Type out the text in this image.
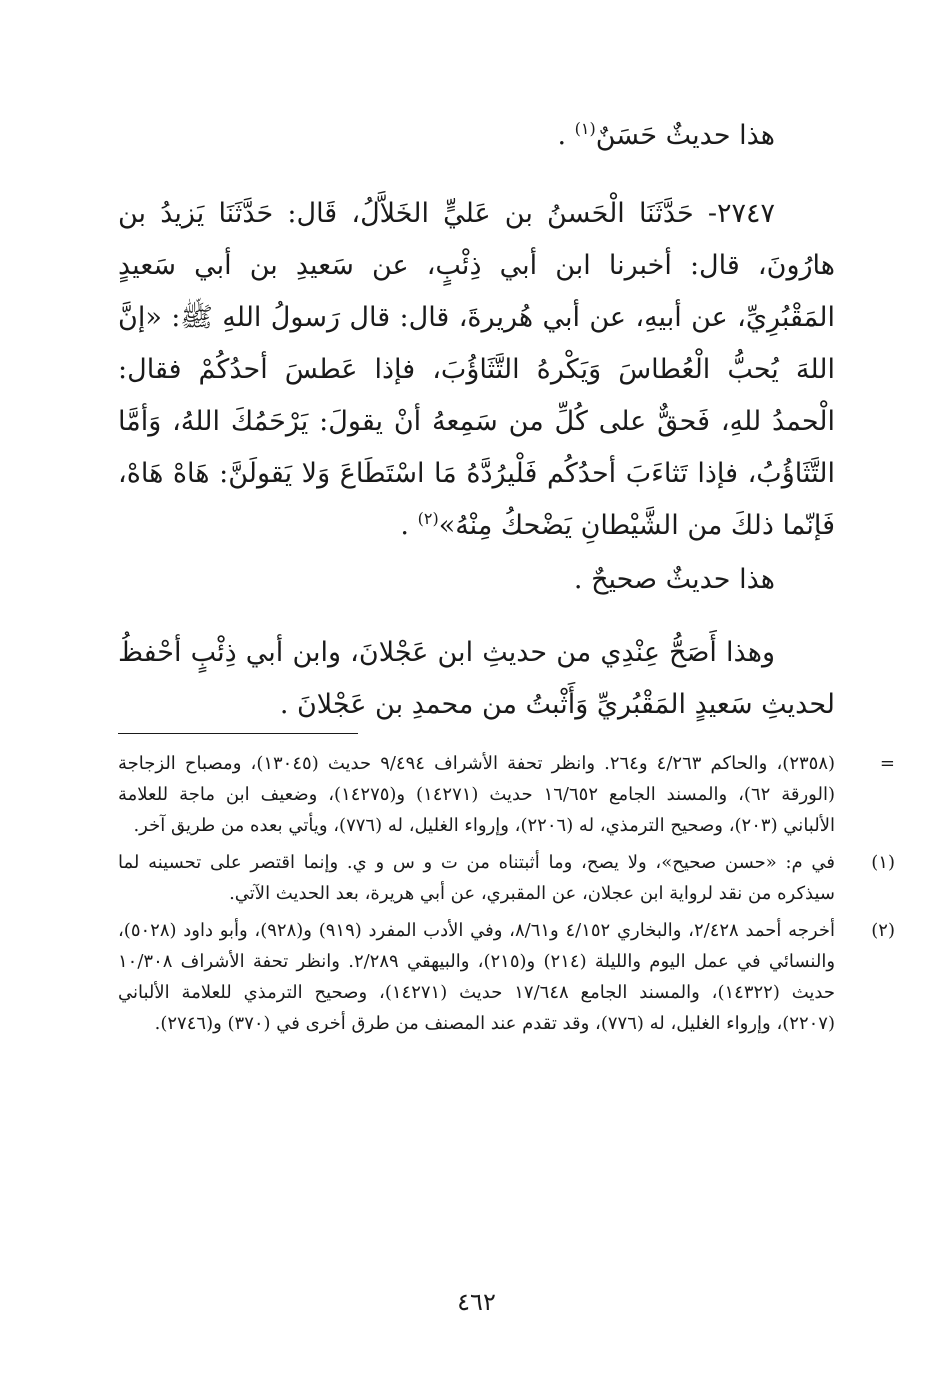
هذا حديثٌ حَسَنٌ$^{(١)}$ .

٢٧٤٧- حَدَّثَنَا الْحَسنُ بن عَليٍّ الخَلاَّلُ، قَال: حَدَّثَنَا يَزيدُ بن هارُونَ، قال: أخبرنا ابن أبي ذِئْبٍ، عن سَعيدِ بن أبي سَعيدٍ المَقْبُرِيِّ، عن أبيهِ، عن أبي هُريرةَ، قال: قال رَسولُ اللهِ ﷺ: «إنَّ اللهَ يُحبُّ الْعُطاسَ وَيَكْرهُ التَّثَاؤُبَ، فإذا عَطسَ أحدُكُمْ فقال: الْحمدُ للهِ، فَحقٌّ على كُلِّ من سَمِعهُ أنْ يقولَ: يَرْحَمُكَ اللهُ، وَأمَّا التَّثَاؤُبُ، فإذا تَثاءَبَ أحدُكُم فَلْيرُدَّهُ مَا اسْتَطَاعَ وَلا يَقولَنَّ: هَاهْ هَاهْ، فَإنّما ذلكَ من الشَّيْطانِ يَضْحكُ مِنْهُ»$^{(٢)}$ .

هذا حديثٌ صحيحٌ .

وهذا أَصَحُّ عِنْدِي من حديثِ ابن عَجْلانَ، وابن أبي ذِئْبٍ أحْفظُ لحديثِ سَعيدٍ المَقْبُريِّ وَأَثْبتُ من محمدِ بن عَجْلانَ .

=
(٢٣٥٨)، والحاكم ٤/٢٦٣ و٢٦٤. وانظر تحفة الأشراف ٩/٤٩٤ حديث (١٣٠٤٥)، ومصباح الزجاجة (الورقة ٦٢)، والمسند الجامع ١٦/٦٥٢ حديث (١٤٢٧١) و(١٤٢٧٥)، وضعيف ابن ماجة للعلامة الألباني (٢٠٣)، وصحيح الترمذي، له (٢٢٠٦)، وإرواء الغليل، له (٧٧٦)، ويأتي بعده من طريق آخر.
(١)
في م: «حسن صحيح»، ولا يصح، وما أثبتناه من ت و س و ي. وإنما اقتصر على تحسينه لما سيذكره من نقد لرواية ابن عجلان، عن المقبري، عن أبي هريرة، بعد الحديث الآتي.
(٢)
أخرجه أحمد ٢/٤٢٨، والبخاري ٤/١٥٢ و٨/٦١، وفي الأدب المفرد (٩١٩) و(٩٢٨)، وأبو داود (٥٠٢٨)، والنسائي في عمل اليوم والليلة (٢١٤) و(٢١٥)، والبيهقي ٢/٢٨٩. وانظر تحفة الأشراف ١٠/٣٠٨ حديث (١٤٣٢٢)، والمسند الجامع ١٧/٦٤٨ حديث (١٤٢٧١)، وصحيح الترمذي للعلامة الألباني (٢٢٠٧)، وإرواء الغليل، له (٧٧٦)، وقد تقدم عند المصنف من طرق أخرى في (٣٧٠) و(٢٧٤٦).
٤٦٢
